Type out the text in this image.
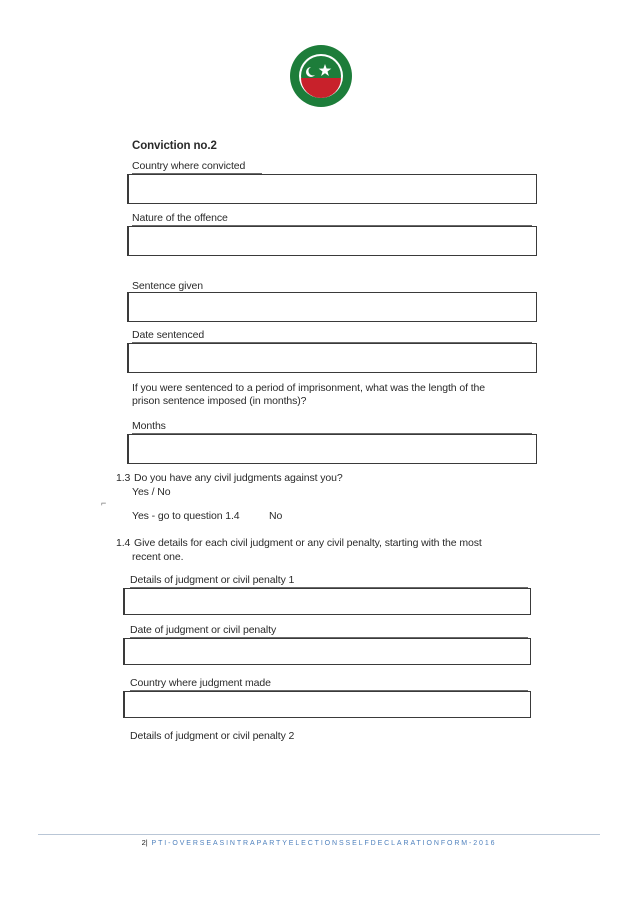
Conviction no.2
Country where convicted
Nature of the offence
Sentence given
Date sentenced
If you were sentenced to a period of imprisonment, what was the length of the
prison sentence imposed (in months)?
Months
1.3 Do you have any civil judgments against you?
Yes / No
⌐
Yes - go to question 1.4	No
1.4 Give details for each civil judgment or any civil penalty, starting with the most
recent one.
Details of judgment or civil penalty 1
Date of judgment or civil penalty
Country where judgment made
Details of judgment or civil penalty 2
2| PTI-OVERSEASINTRAPARTYELECTIONSSELFDECLARATIONFORM-2016
